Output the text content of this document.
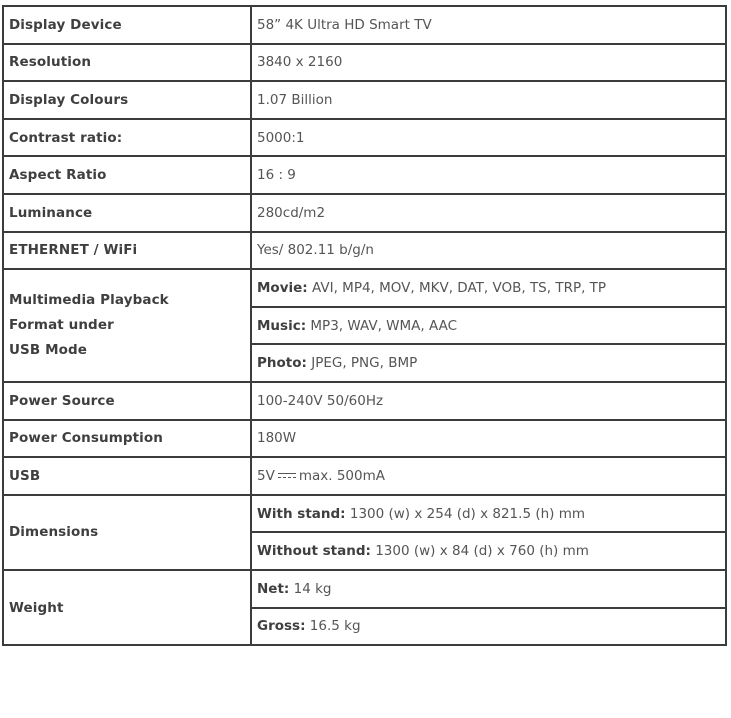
Display Device	58” 4K Ultra HD Smart TV
Resolution	3840 x 2160
Display Colours	1.07 Billion
Contrast ratio:	5000:1
Aspect Ratio	16 : 9
Luminance	280cd/m2
ETHERNET / WiFi	Yes/ 802.11 b/g/n

Multimedia Playback
Format under
USB Mode	Movie: AVI, MP4, MOV, MKV, DAT, VOB, TS, TRP, TP
	Music: MP3, WAV, WMA, AAC
	Photo: JPEG, PNG, BMP
Power Source	100-240V 50/60Hz
Power Consumption	180W
USB	5V max. 500mA
Dimensions	With stand: 1300 (w) x 254 (d) x 821.5 (h) mm
	Without stand: 1300 (w) x 84 (d) x 760 (h) mm
Weight	Net: 14 kg
	Gross: 16.5 kg
